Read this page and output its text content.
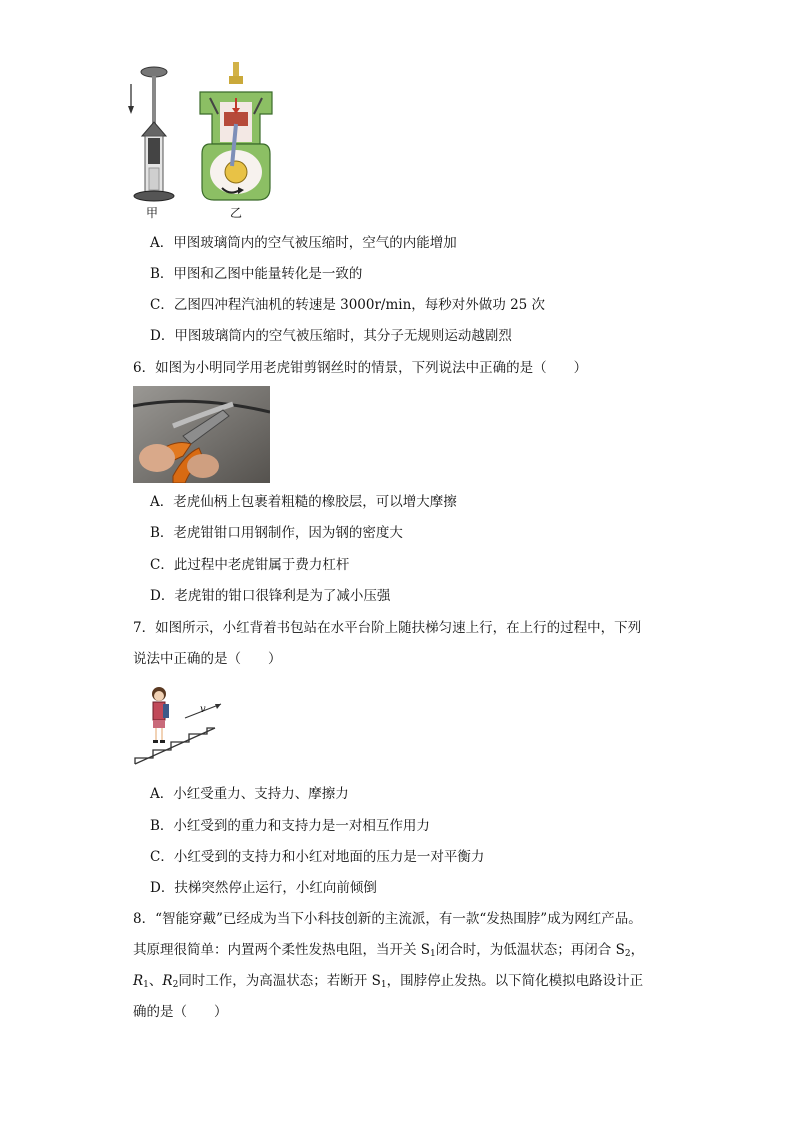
甲	乙
A．甲图玻璃筒内的空气被压缩时，空气的内能增加
B．甲图和乙图中能量转化是一致的
C．乙图四冲程汽油机的转速是 3000r/min，每秒对外做功 25 次
D．甲图玻璃筒内的空气被压缩时，其分子无规则运动越剧烈
6．如图为小明同学用老虎钳剪钢丝时的情景，下列说法中正确的是（　　）
A．老虎仙柄上包裹着粗糙的橡胶层，可以增大摩擦
B．老虎钳钳口用钢制作，因为钢的密度大
C．此过程中老虎钳属于费力杠杆
D．老虎钳的钳口很锋利是为了减小压强
7．如图所示，小红背着书包站在水平台阶上随扶梯匀速上行，在上行的过程中，下列
说法中正确的是（　　）
v
A．小红受重力、支持力、摩擦力
B．小红受到的重力和支持力是一对相互作用力
C．小红受到的支持力和小红对地面的压力是一对平衡力
D．扶梯突然停止运行，小红向前倾倒
8．“智能穿戴”已经成为当下小科技创新的主流派，有一款“发热围脖”成为网红产品。
其原理很简单：内置两个柔性发热电阻，当开关 $S_1$闭合时，为低温状态；再闭合 $S_2$，
$R_1$、$R_2$同时工作，为高温状态；若断开 $S_1$，围脖停止发热。以下简化模拟电路设计正
确的是（　　）
